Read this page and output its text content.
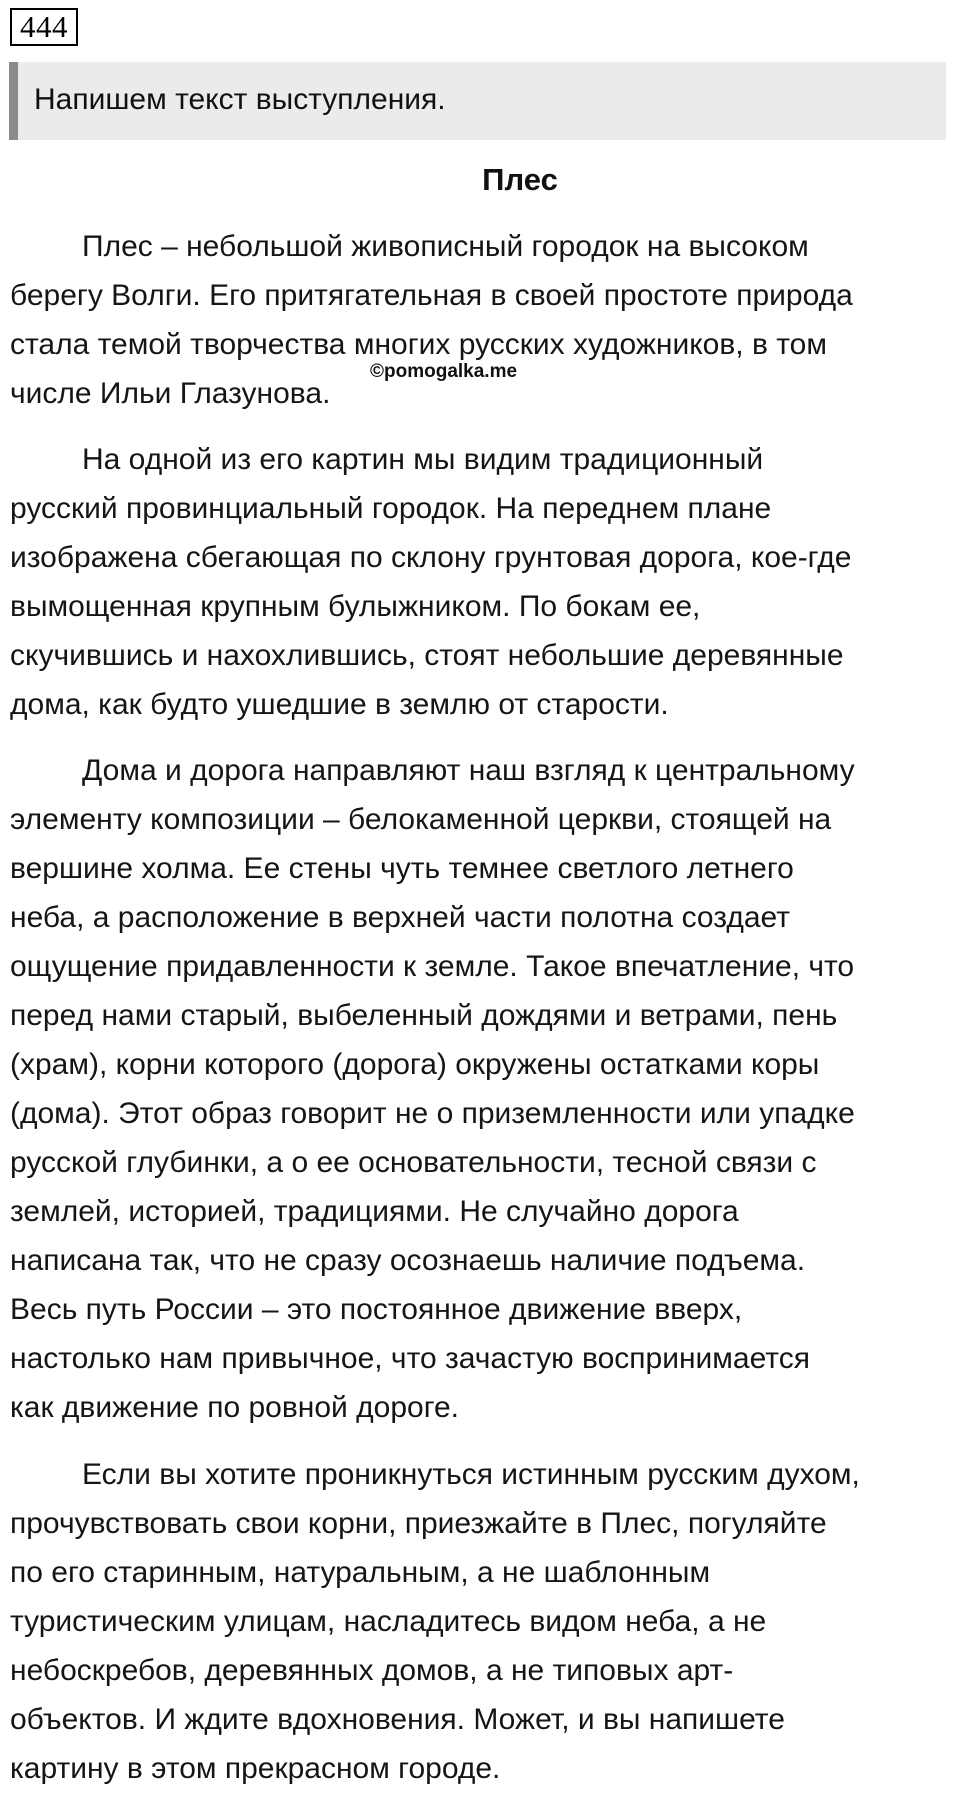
444
Напишем текст выступления.
Плес
Плес – небольшой живописный городок на высоком
берегу Волги. Его притягательная в своей простоте природа
стала темой творчества многих русских художников, в том
числе Ильи Глазунова.
©pomogalka.me
На одной из его картин мы видим традиционный
русский провинциальный городок. На переднем плане
изображена сбегающая по склону грунтовая дорога, кое-где
вымощенная крупным булыжником. По бокам ее,
скучившись и нахохлившись, стоят небольшие деревянные
дома, как будто ушедшие в землю от старости.
Дома и дорога направляют наш взгляд к центральному
элементу композиции – белокаменной церкви, стоящей на
вершине холма. Ее стены чуть темнее светлого летнего
неба, а расположение в верхней части полотна создает
ощущение придавленности к земле. Такое впечатление, что
перед нами старый, выбеленный дождями и ветрами, пень
(храм), корни которого (дорога) окружены остатками коры
(дома). Этот образ говорит не о приземленности или упадке
русской глубинки, а о ее основательности, тесной связи с
землей, историей, традициями. Не случайно дорога
написана так, что не сразу осознаешь наличие подъема.
Весь путь России – это постоянное движение вверх,
настолько нам привычное, что зачастую воспринимается
как движение по ровной дороге.
Если вы хотите проникнуться истинным русским духом,
прочувствовать свои корни, приезжайте в Плес, погуляйте
по его старинным, натуральным, а не шаблонным
туристическим улицам, насладитесь видом неба, а не
небоскребов, деревянных домов, а не типовых арт-
объектов. И ждите вдохновения. Может, и вы напишете
картину в этом прекрасном городе.
